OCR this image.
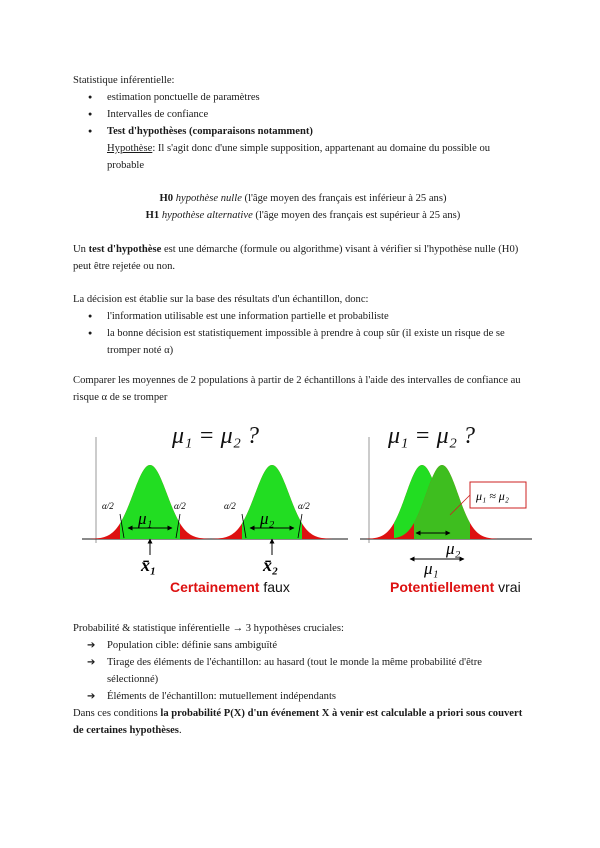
Statistique inférentielle:

● estimation ponctuelle de paramètres
● Intervalles de confiance
● Test d'hypothèses (comparaisons notamment)

Hypothèse: Il s'agit donc d'une simple supposition, appartenant au domaine du possible ou probable

H0 hypothèse nulle (l'âge moyen des français est inférieur à 25 ans)

H1 hypothèse alternative (l'âge moyen des français est supérieur à 25 ans)

Un test d'hypothèse est une démarche (formule ou algorithme) visant à vérifier si l'hypothèse nulle (H0) peut être rejetée ou non.

La décision est établie sur la base des résultats d'un échantillon, donc:

● l'information utilisable est une information partielle et probabiliste
● la bonne décision est statistiquement impossible à prendre à coup sûr (il existe un risque de se tromper noté α)

Comparer les moyennes de 2 populations à partir de 2 échantillons à l'aide des intervalles de confiance au risque α de se tromper

μ₁ = μ₂ ?
α/2	α/2	α/2	α/2
μ₁	μ₂
x̄₁	x̄₂
Certainement faux
μ₁ = μ₂ ?
μ₁ ≈ μ₂
μ₂
μ₁
Potentiellement vrai

Probabilité & statistique inférentielle → 3 hypothèses cruciales:

➔ Population cible: définie sans ambiguïté
➔ Tirage des éléments de l'échantillon: au hasard (tout le monde la même probabilité d'être sélectionné)
➔ Éléments de l'échantillon: mutuellement indépendants

Dans ces conditions la probabilité P(X) d'un événement X à venir est calculable a priori sous couvert de certaines hypothèses.
